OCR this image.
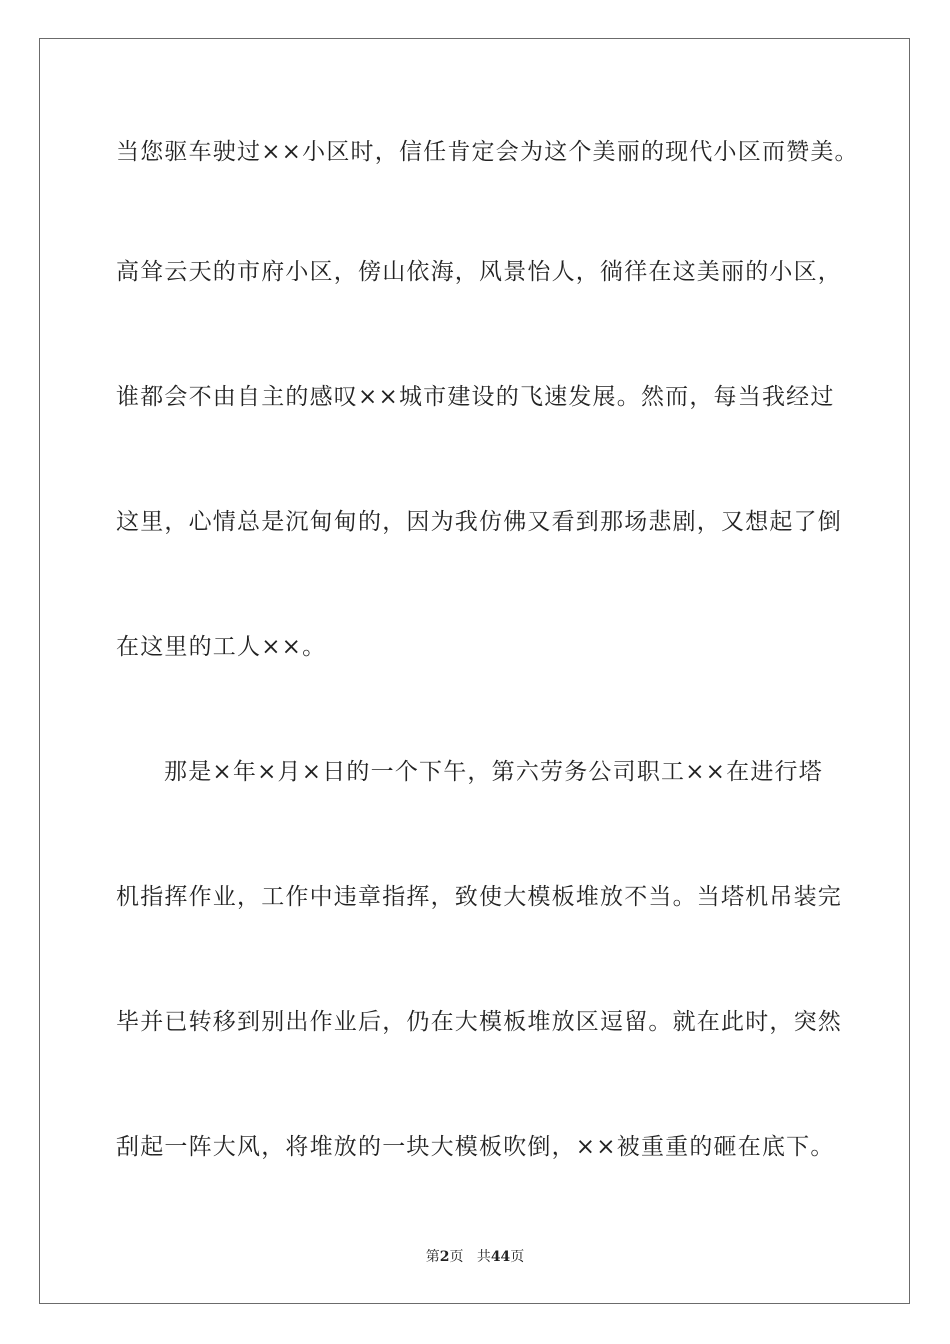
当您驱车驶过××小区时，信任肯定会为这个美丽的现代小区而赞美。
高耸云天的市府小区，傍山依海，风景怡人，徜徉在这美丽的小区，
谁都会不由自主的感叹××城市建设的飞速发展。然而，每当我经过
这里，心情总是沉甸甸的，因为我仿佛又看到那场悲剧，又想起了倒
在这里的工人××。
那是×年×月×日的一个下午，第六劳务公司职工××在进行塔
机指挥作业，工作中违章指挥，致使大模板堆放不当。当塔机吊装完
毕并已转移到别出作业后，仍在大模板堆放区逗留。就在此时，突然
刮起一阵大风，将堆放的一块大模板吹倒，××被重重的砸在底下。
第2页 共44页
